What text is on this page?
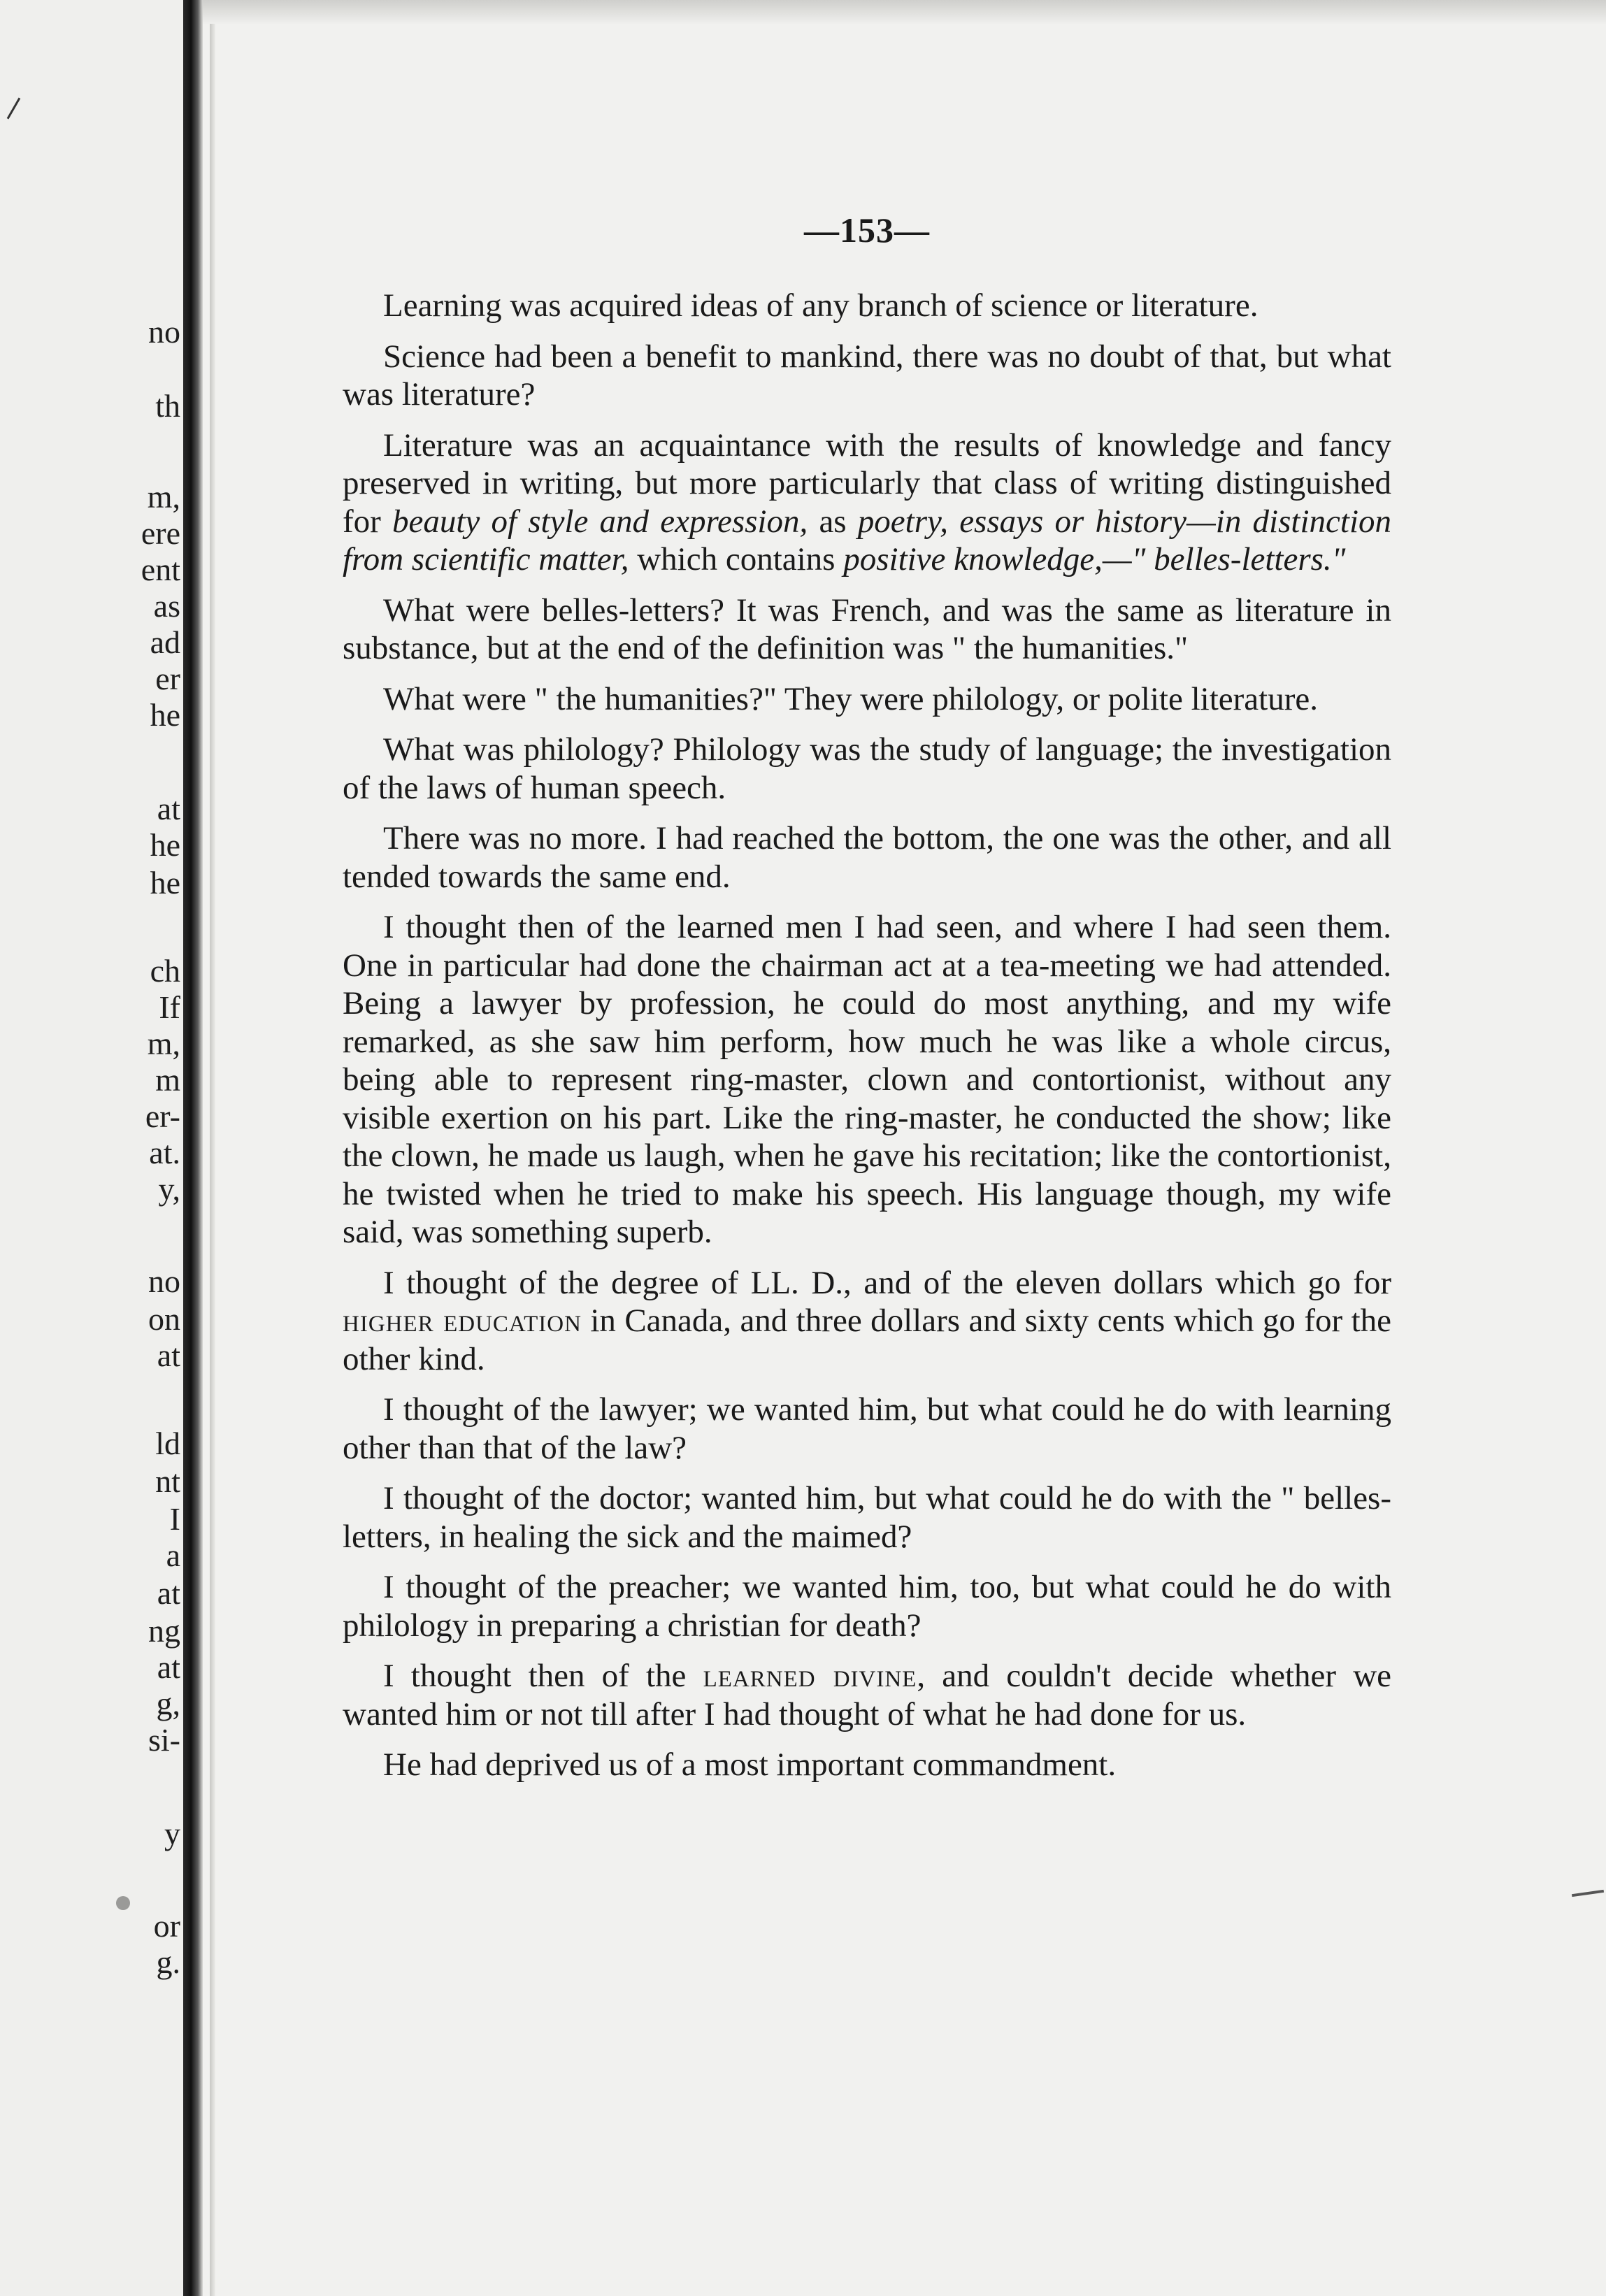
no
th
m,
ere
ent
as
ad
er
he
at
he
he
ch
If
m,
m
er-
at.
y,
no
on
at
ld
nt
I
a
at
ng
at
g,
si-
y
or
g.
—153—

Learning was acquired ideas of any branch of science or literature.

Science had been a benefit to mankind, there was no doubt of that, but what was literature?

Literature was an acquaintance with the results of knowledge and fancy preserved in writing, but more particularly that class of writing distinguished for beauty of style and expression, as poetry, essays or history—in distinction from scientific matter, which contains positive knowledge,—" belles-letters."

What were belles-letters? It was French, and was the same as literature in substance, but at the end of the definition was " the humanities."

What were " the humanities?" They were philology, or polite literature.

What was philology? Philology was the study of language; the investigation of the laws of human speech.

There was no more. I had reached the bottom, the one was the other, and all tended towards the same end.

I thought then of the learned men I had seen, and where I had seen them. One in particular had done the chairman act at a tea-meeting we had attended. Being a lawyer by profession, he could do most anything, and my wife remarked, as she saw him perform, how much he was like a whole circus, being able to represent ring-master, clown and contortionist, without any visible exertion on his part. Like the ring-master, he conducted the show; like the clown, he made us laugh, when he gave his recitation; like the contortionist, he twisted when he tried to make his speech. His language though, my wife said, was something superb.

I thought of the degree of LL. D., and of the eleven dollars which go for higher education in Canada, and three dollars and sixty cents which go for the other kind.

I thought of the lawyer; we wanted him, but what could he do with learning other than that of the law?

I thought of the doctor; wanted him, but what could he do with the " belles-letters, in healing the sick and the maimed?

I thought of the preacher; we wanted him, too, but what could he do with philology in preparing a christian for death?

I thought then of the learned divine, and couldn't decide whether we wanted him or not till after I had thought of what he had done for us.

He had deprived us of a most important commandment.
